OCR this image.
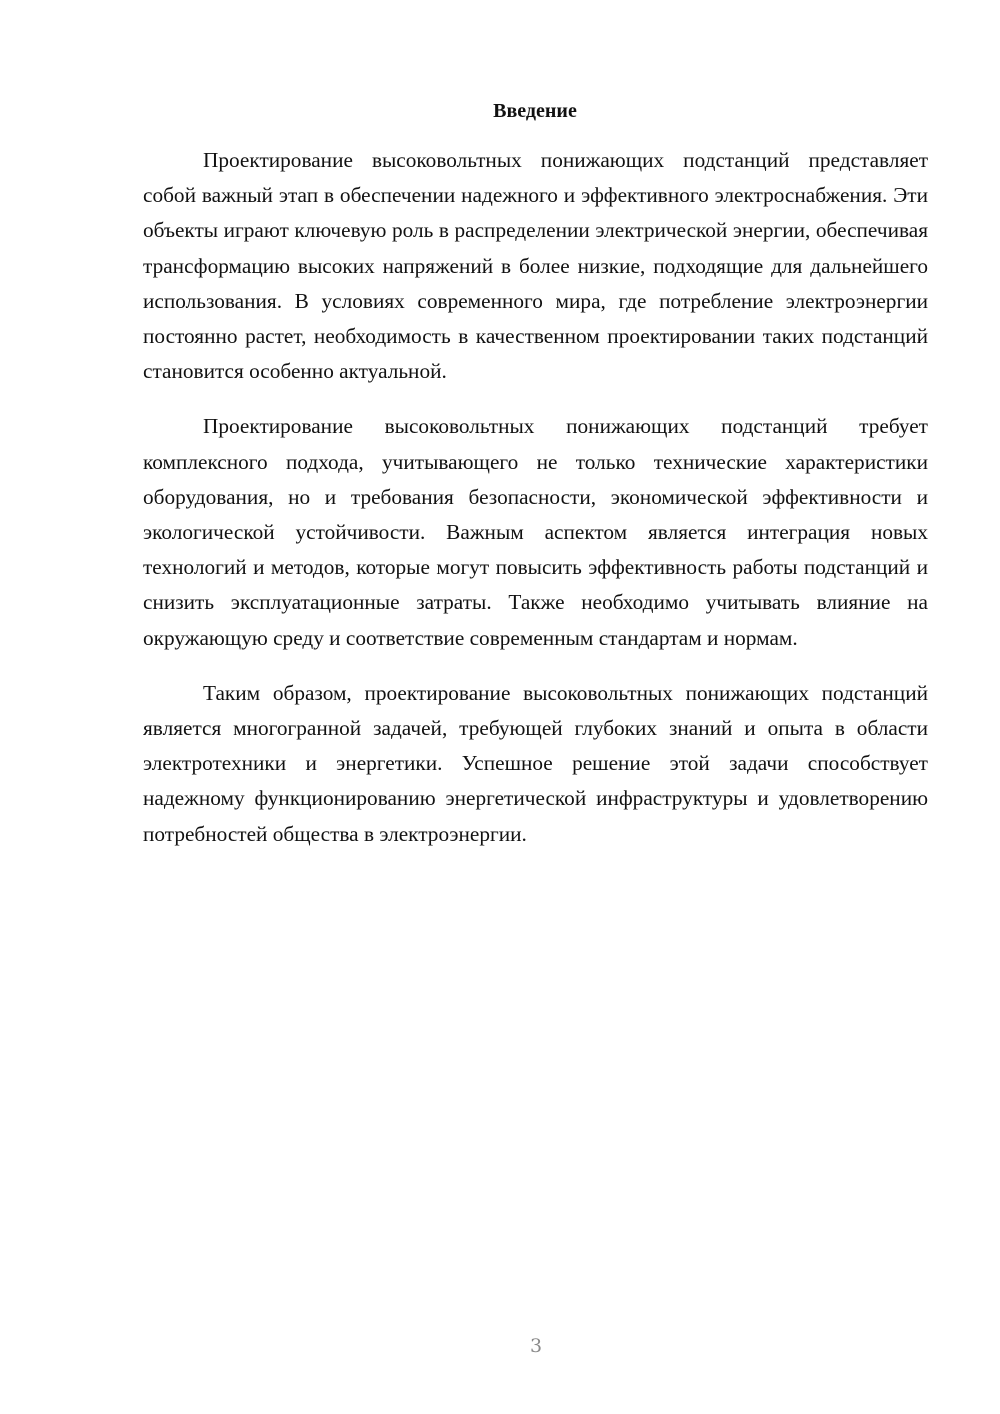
Введение

Проектирование высоковольтных понижающих подстанций представляет собой важный этап в обеспечении надежного и эффективного электроснабжения. Эти объекты играют ключевую роль в распределении электрической энергии, обеспечивая трансформацию высоких напряжений в более низкие, подходящие для дальнейшего использования. В условиях современного мира, где потребление электроэнергии постоянно растет, необходимость в качественном проектировании таких подстанций становится особенно актуальной.

Проектирование высоковольтных понижающих подстанций требует комплексного подхода, учитывающего не только технические характеристики оборудования, но и требования безопасности, экономической эффективности и экологической устойчивости. Важным аспектом является интеграция новых технологий и методов, которые могут повысить эффективность работы подстанций и снизить эксплуатационные затраты. Также необходимо учитывать влияние на окружающую среду и соответствие современным стандартам и нормам.

Таким образом, проектирование высоковольтных понижающих подстанций является многогранной задачей, требующей глубоких знаний и опыта в области электротехники и энергетики. Успешное решение этой задачи способствует надежному функционированию энергетической инфраструктуры и удовлетворению потребностей общества в электроэнергии.

3
